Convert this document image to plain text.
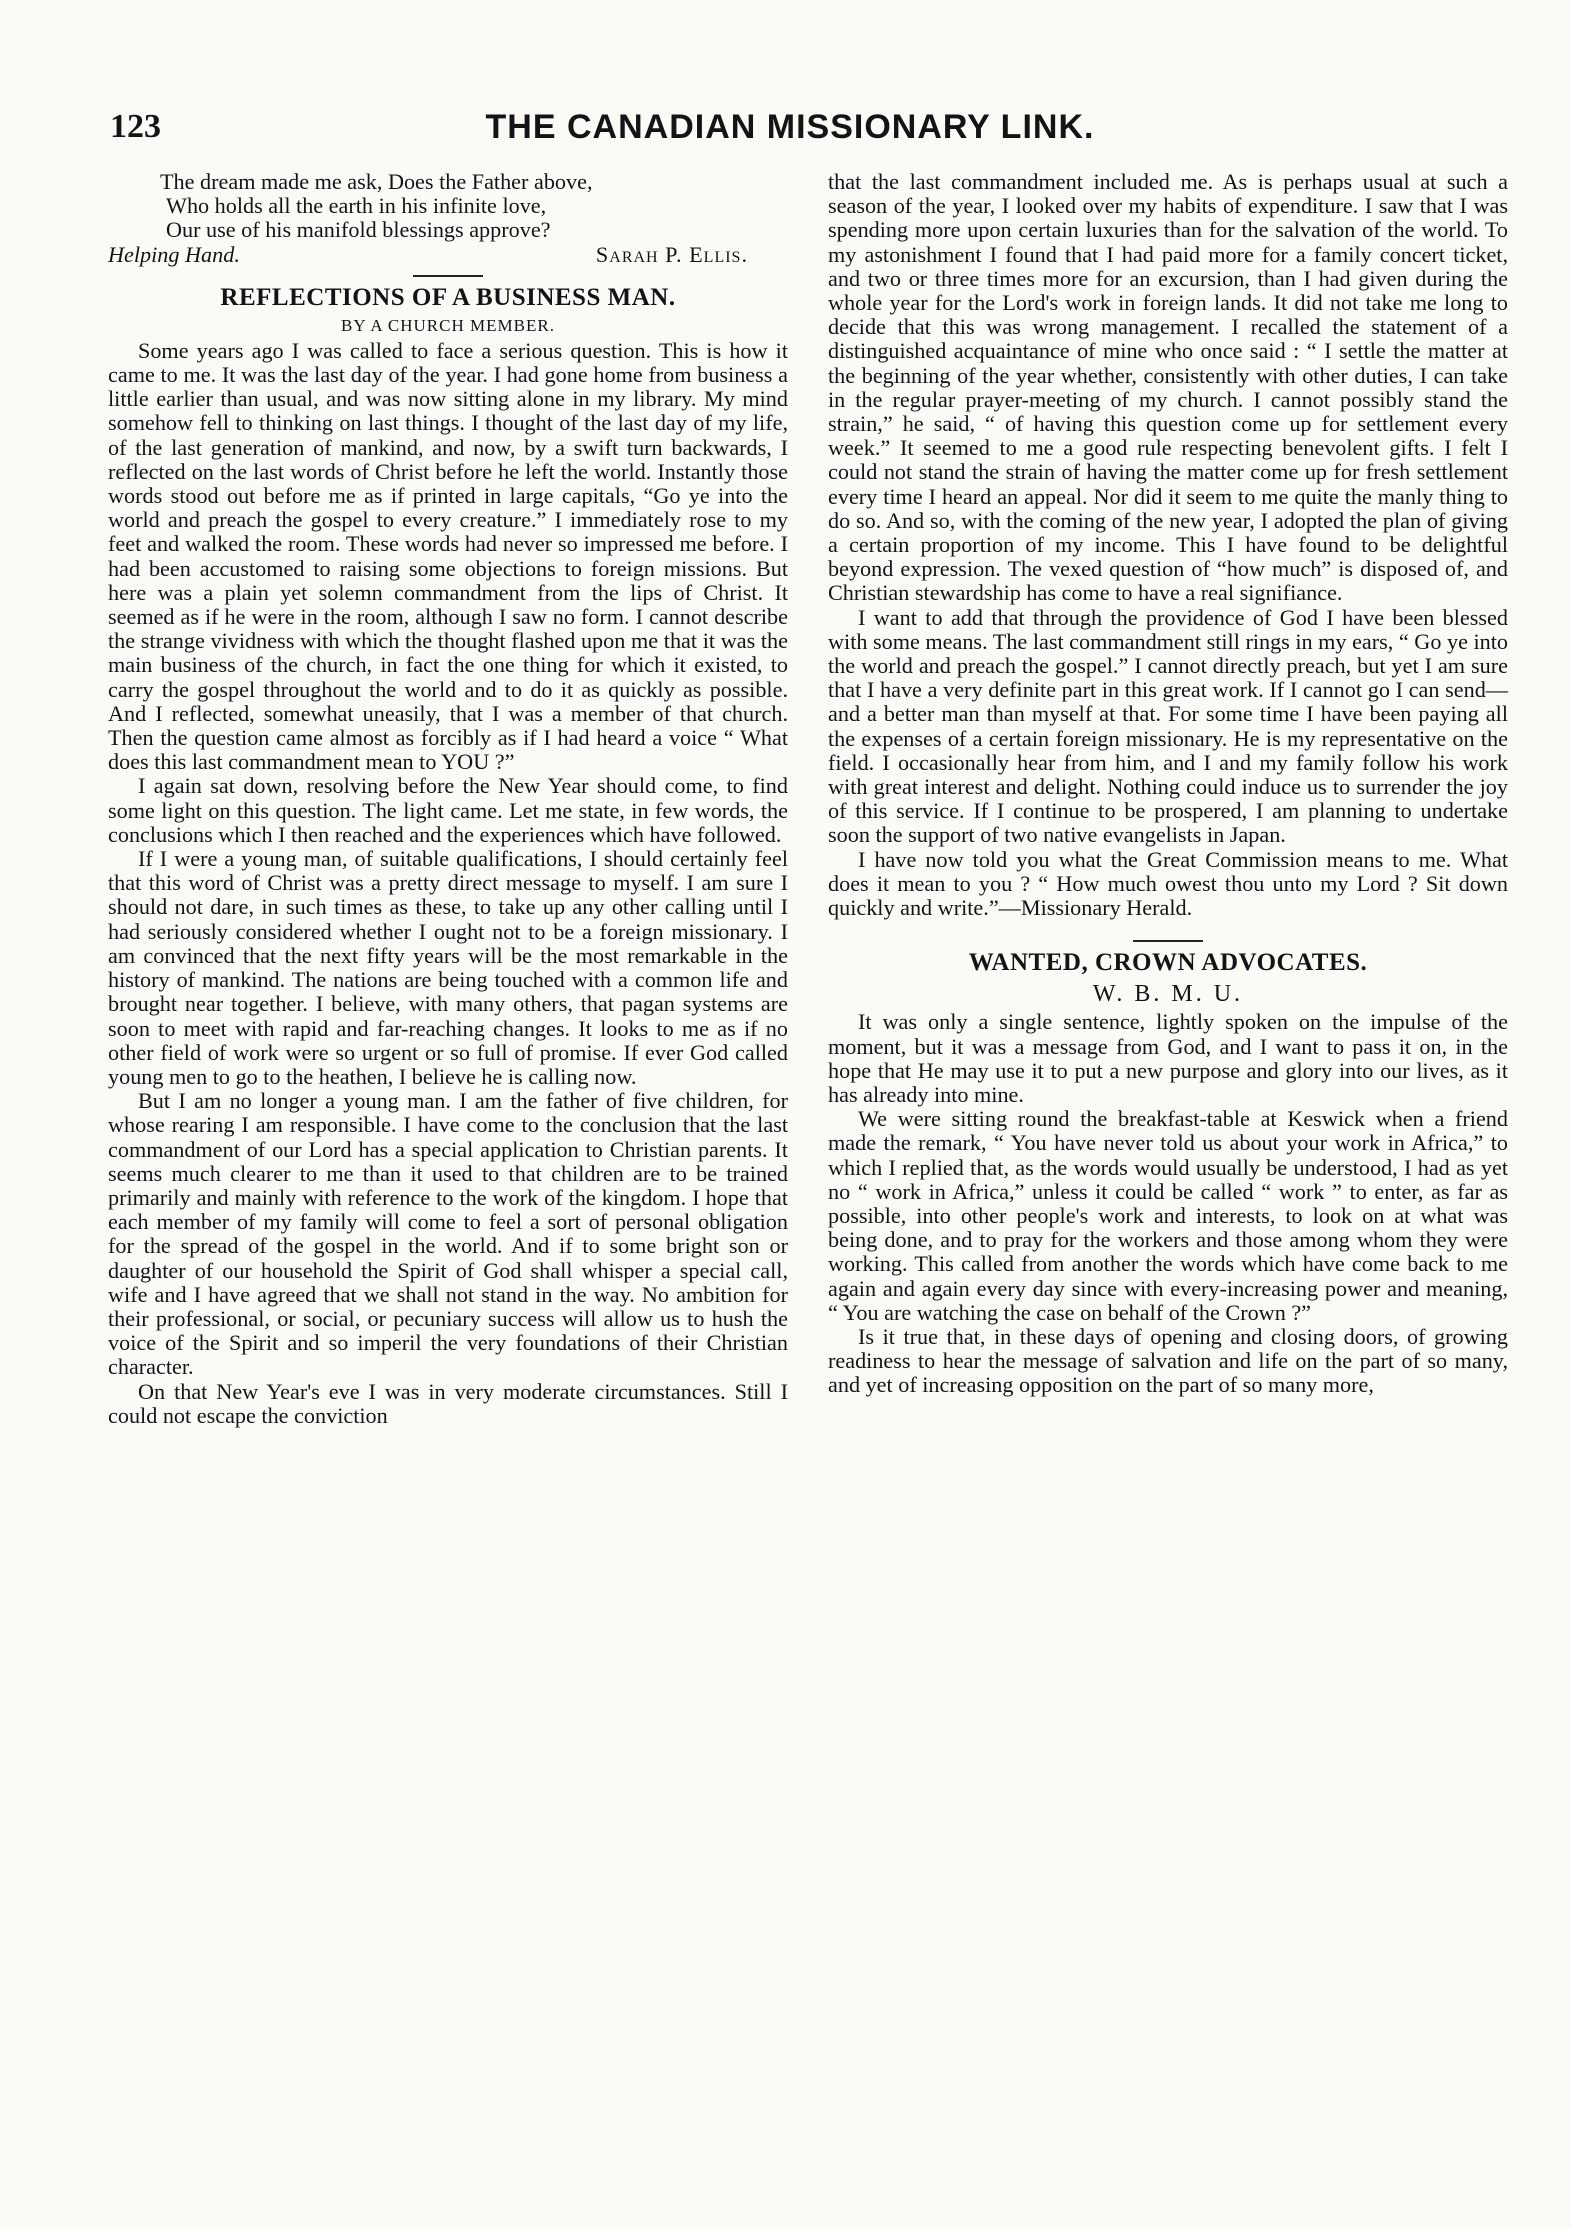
123	THE CANADIAN MISSIONARY LINK.
The dream made me ask, Does the Father above,
Who holds all the earth in his infinite love,
Our use of his manifold blessings approve?
Helping Hand.	Sarah P. Ellis.
REFLECTIONS OF A BUSINESS MAN.
BY A CHURCH MEMBER.

Some years ago I was called to face a serious question. This is how it came to me. It was the last day of the year. I had gone home from business a little earlier than usual, and was now sitting alone in my library. My mind somehow fell to thinking on last things. I thought of the last day of my life, of the last generation of mankind, and now, by a swift turn backwards, I reflected on the last words of Christ before he left the world. Instantly those words stood out before me as if printed in large capitals, “Go ye into the world and preach the gospel to every creature.” I immediately rose to my feet and walked the room. These words had never so impressed me before. I had been accustomed to raising some objections to foreign missions. But here was a plain yet solemn commandment from the lips of Christ. It seemed as if he were in the room, although I saw no form. I cannot describe the strange vividness with which the thought flashed upon me that it was the main business of the church, in fact the one thing for which it existed, to carry the gospel throughout the world and to do it as quickly as possible. And I reflected, somewhat uneasily, that I was a member of that church. Then the question came almost as forcibly as if I had heard a voice “ What does this last commandment mean to YOU ?”

I again sat down, resolving before the New Year should come, to find some light on this question. The light came. Let me state, in few words, the conclusions which I then reached and the experiences which have followed.

If I were a young man, of suitable qualifications, I should certainly feel that this word of Christ was a pretty direct message to myself. I am sure I should not dare, in such times as these, to take up any other calling until I had seriously considered whether I ought not to be a foreign missionary. I am convinced that the next fifty years will be the most remarkable in the history of mankind. The nations are being touched with a common life and brought near together. I believe, with many others, that pagan systems are soon to meet with rapid and far-reaching changes. It looks to me as if no other field of work were so urgent or so full of promise. If ever God called young men to go to the heathen, I believe he is calling now.

But I am no longer a young man. I am the father of five children, for whose rearing I am responsible. I have come to the conclusion that the last commandment of our Lord has a special application to Christian parents. It seems much clearer to me than it used to that children are to be trained primarily and mainly with reference to the work of the kingdom. I hope that each member of my family will come to feel a sort of personal obligation for the spread of the gospel in the world. And if to some bright son or daughter of our household the Spirit of God shall whisper a special call, wife and I have agreed that we shall not stand in the way. No ambition for their professional, or social, or pecuniary success will allow us to hush the voice of the Spirit and so imperil the very foundations of their Christian character.

On that New Year's eve I was in very moderate circumstances. Still I could not escape the conviction

that the last commandment included me. As is perhaps usual at such a season of the year, I looked over my habits of expenditure. I saw that I was spending more upon certain luxuries than for the salvation of the world. To my astonishment I found that I had paid more for a family concert ticket, and two or three times more for an excursion, than I had given during the whole year for the Lord's work in foreign lands. It did not take me long to decide that this was wrong management. I recalled the statement of a distinguished acquaintance of mine who once said : “ I settle the matter at the beginning of the year whether, consistently with other duties, I can take in the regular prayer-meeting of my church. I cannot possibly stand the strain,” he said, “ of having this question come up for settlement every week.” It seemed to me a good rule respecting benevolent gifts. I felt I could not stand the strain of having the matter come up for fresh settlement every time I heard an appeal. Nor did it seem to me quite the manly thing to do so. And so, with the coming of the new year, I adopted the plan of giving a certain proportion of my income. This I have found to be delightful beyond expression. The vexed question of “how much” is disposed of, and Christian stewardship has come to have a real signifiance.

I want to add that through the providence of God I have been blessed with some means. The last commandment still rings in my ears, “ Go ye into the world and preach the gospel.” I cannot directly preach, but yet I am sure that I have a very definite part in this great work. If I cannot go I can send—and a better man than myself at that. For some time I have been paying all the expenses of a certain foreign missionary. He is my representative on the field. I occasionally hear from him, and I and my family follow his work with great interest and delight. Nothing could induce us to surrender the joy of this service. If I continue to be prospered, I am planning to undertake soon the support of two native evangelists in Japan.

I have now told you what the Great Commission means to me. What does it mean to you ? “ How much owest thou unto my Lord ? Sit down quickly and write.”—Missionary Herald.

WANTED, CROWN ADVOCATES.
W. B. M. U.

It was only a single sentence, lightly spoken on the impulse of the moment, but it was a message from God, and I want to pass it on, in the hope that He may use it to put a new purpose and glory into our lives, as it has already into mine.

We were sitting round the breakfast-table at Keswick when a friend made the remark, “ You have never told us about your work in Africa,” to which I replied that, as the words would usually be understood, I had as yet no “ work in Africa,” unless it could be called “ work ” to enter, as far as possible, into other people's work and interests, to look on at what was being done, and to pray for the workers and those among whom they were working. This called from another the words which have come back to me again and again every day since with every-increasing power and meaning, “ You are watching the case on behalf of the Crown ?”

Is it true that, in these days of opening and closing doors, of growing readiness to hear the message of salvation and life on the part of so many, and yet of increasing opposition on the part of so many more,
